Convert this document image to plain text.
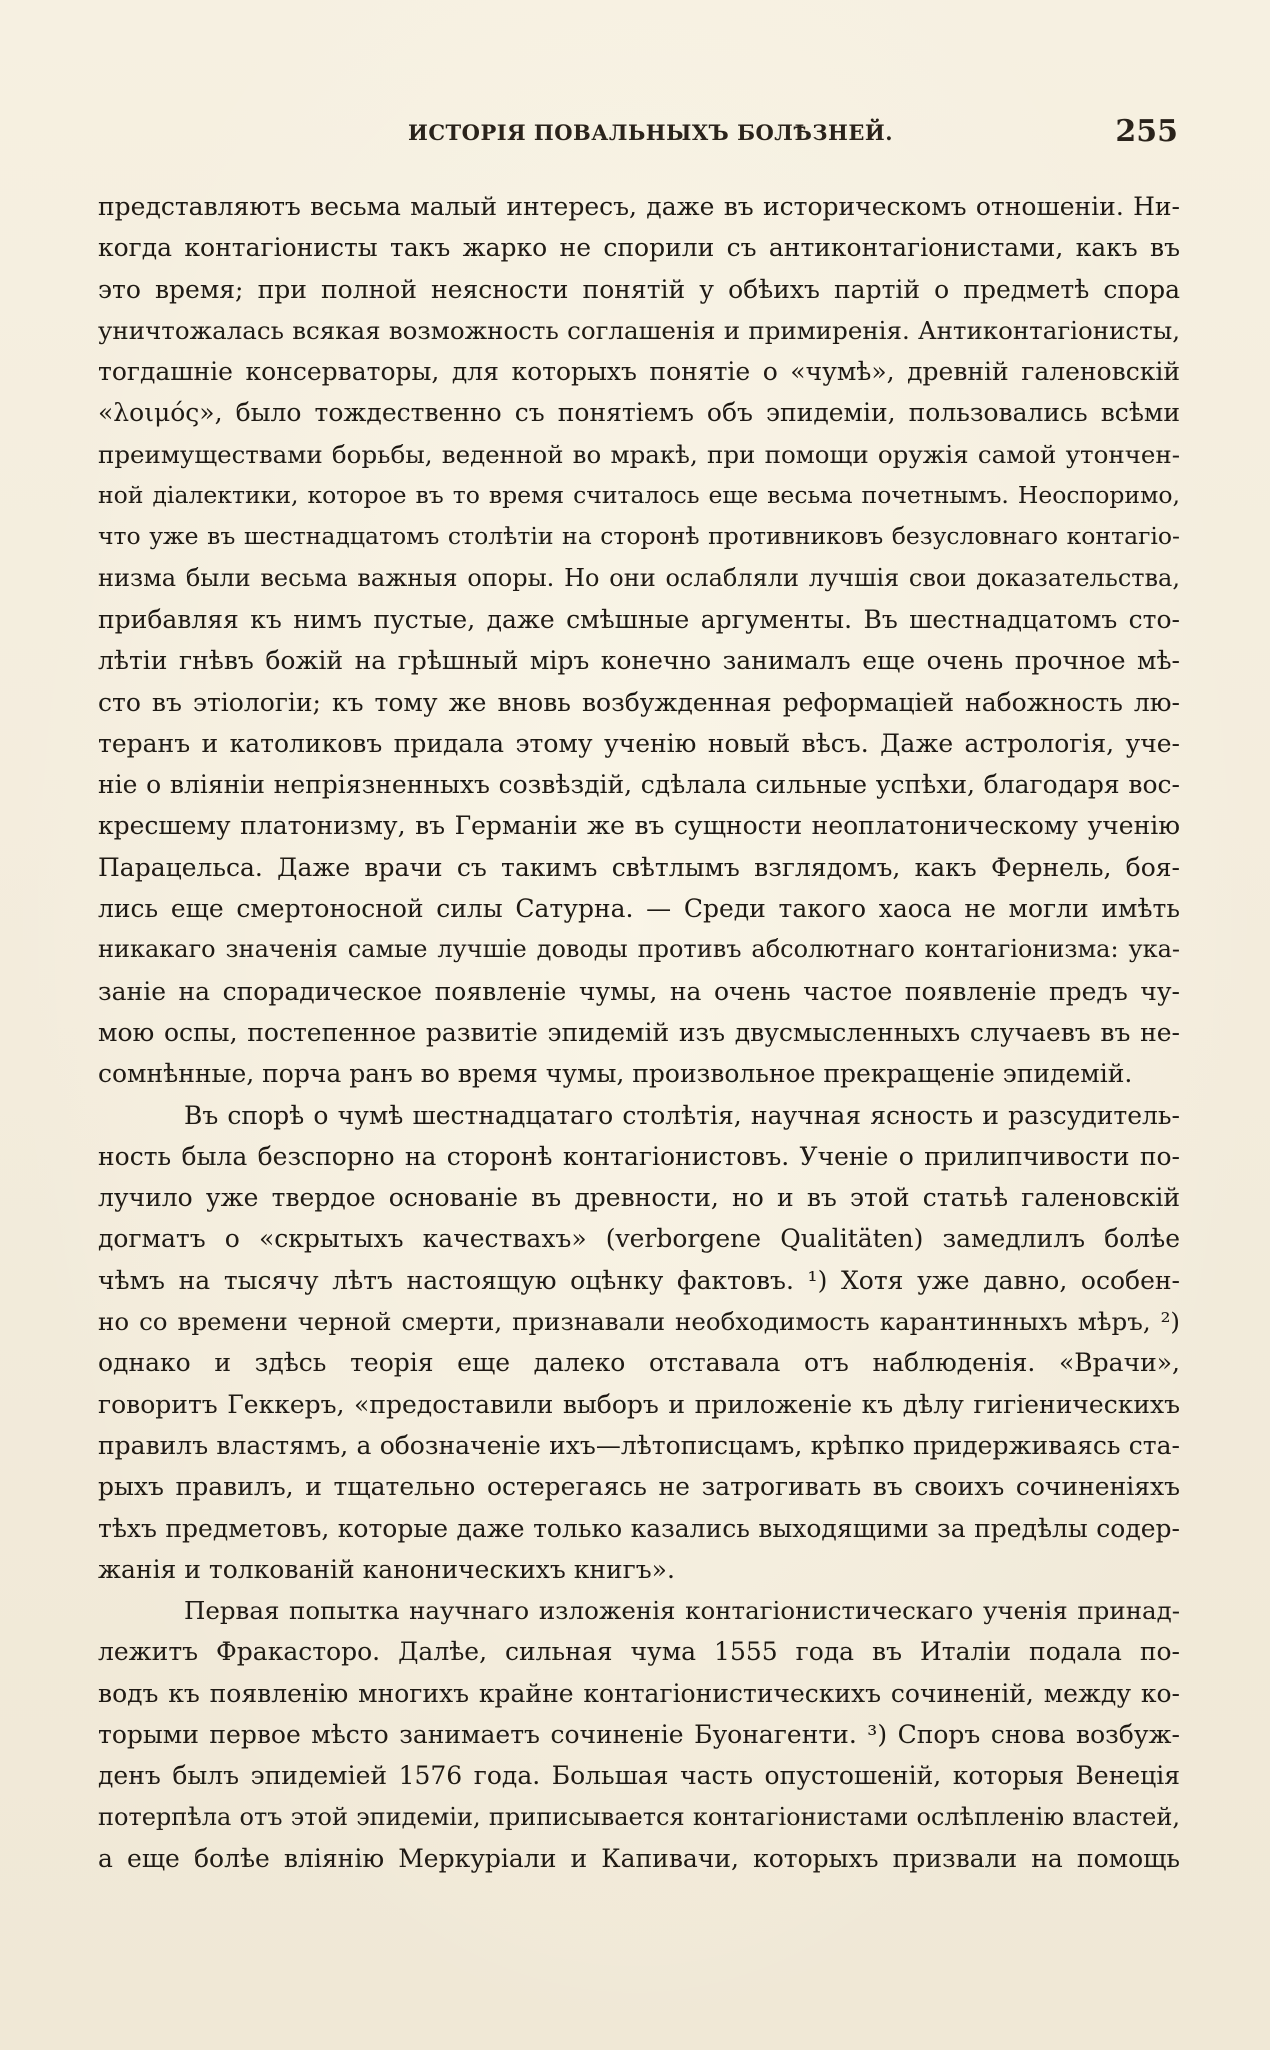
ИСТОРІЯ ПОВАЛЬНЫХЪ БОЛѢЗНЕЙ.	255
представляютъ весьма малый интересъ, даже въ историческомъ отношеніи. Ни-
когда контагіонисты такъ жарко не спорили съ антиконтагіонистами, какъ въ
это время; при полной неясности понятій у обѣихъ партій о предметѣ спора
уничтожалась всякая возможность соглашенія и примиренія. Антиконтагіонисты,
тогдашніе консерваторы, для которыхъ понятіе о «чумѣ», древній галеновскій
«λοιμός», было тождественно съ понятіемъ объ эпидеміи, пользовались всѣми
преимуществами борьбы, веденной во мракѣ, при помощи оружія самой утончен-
ной діалектики, которое въ то время считалось еще весьма почетнымъ. Неоспоримо,
что уже въ шестнадцатомъ столѣтіи на сторонѣ противниковъ безусловнаго контагіо-
низма были весьма важныя опоры. Но они ослабляли лучшія свои доказательства,
прибавляя къ нимъ пустые, даже смѣшные аргументы. Въ шестнадцатомъ сто-
лѣтіи гнѣвъ божій на грѣшный міръ конечно занималъ еще очень прочное мѣ-
сто въ этіологіи; къ тому же вновь возбужденная реформаціей набожность лю-
теранъ и католиковъ придала этому ученію новый вѣсъ. Даже астрологія, уче-
ніе о вліяніи непріязненныхъ созвѣздій, сдѣлала сильные успѣхи, благодаря вос-
кресшему платонизму, въ Германіи же въ сущности неоплатоническому ученію
Парацельса. Даже врачи съ такимъ свѣтлымъ взглядомъ, какъ Фернель, боя-
лись еще смертоносной силы Сатурна. — Среди такого хаоса не могли имѣть
никакаго значенія самые лучшіе доводы противъ абсолютнаго контагіонизма: ука-
заніе на спорадическое появленіе чумы, на очень частое появленіе предъ чу-
мою оспы, постепенное развитіе эпидемій изъ двусмысленныхъ случаевъ въ не-
сомнѣнные, порча ранъ во время чумы, произвольное прекращеніе эпидемій.
Въ спорѣ о чумѣ шестнадцатаго столѣтія, научная ясность и разсудитель-
ность была безспорно на сторонѣ контагіонистовъ. Ученіе о прилипчивости по-
лучило уже твердое основаніе въ древности, но и въ этой статьѣ галеновскій
догматъ о «скрытыхъ качествахъ» (verborgene Qualitäten) замедлилъ болѣе
чѣмъ на тысячу лѣтъ настоящую оцѣнку фактовъ. ¹) Хотя уже давно, особен-
но со времени черной смерти, признавали необходимость карантинныхъ мѣръ, ²)
однако и здѣсь теорія еще далеко отставала отъ наблюденія. «Врачи»,
говоритъ Геккеръ, «предоставили выборъ и приложеніе къ дѣлу гигіеническихъ
правилъ властямъ, а обозначеніе ихъ—лѣтописцамъ, крѣпко придерживаясь ста-
рыхъ правилъ, и тщательно остерегаясь не затрогивать въ своихъ сочиненіяхъ
тѣхъ предметовъ, которые даже только казались выходящими за предѣлы содер-
жанія и толкованій каноническихъ книгъ».
Первая попытка научнаго изложенія контагіонистическаго ученія принад-
лежитъ Фракасторо. Далѣе, сильная чума 1555 года въ Италіи подала по-
водъ къ появленію многихъ крайне контагіонистическихъ сочиненій, между ко-
торыми первое мѣсто занимаетъ сочиненіе Буонагенти. ³) Споръ снова возбуж-
денъ былъ эпидеміей 1576 года. Большая часть опустошеній, которыя Венеція
потерпѣла отъ этой эпидеміи, приписывается контагіонистами ослѣпленію властей,
а еще болѣе вліянію Меркуріали и Капивачи, которыхъ призвали на помощь
